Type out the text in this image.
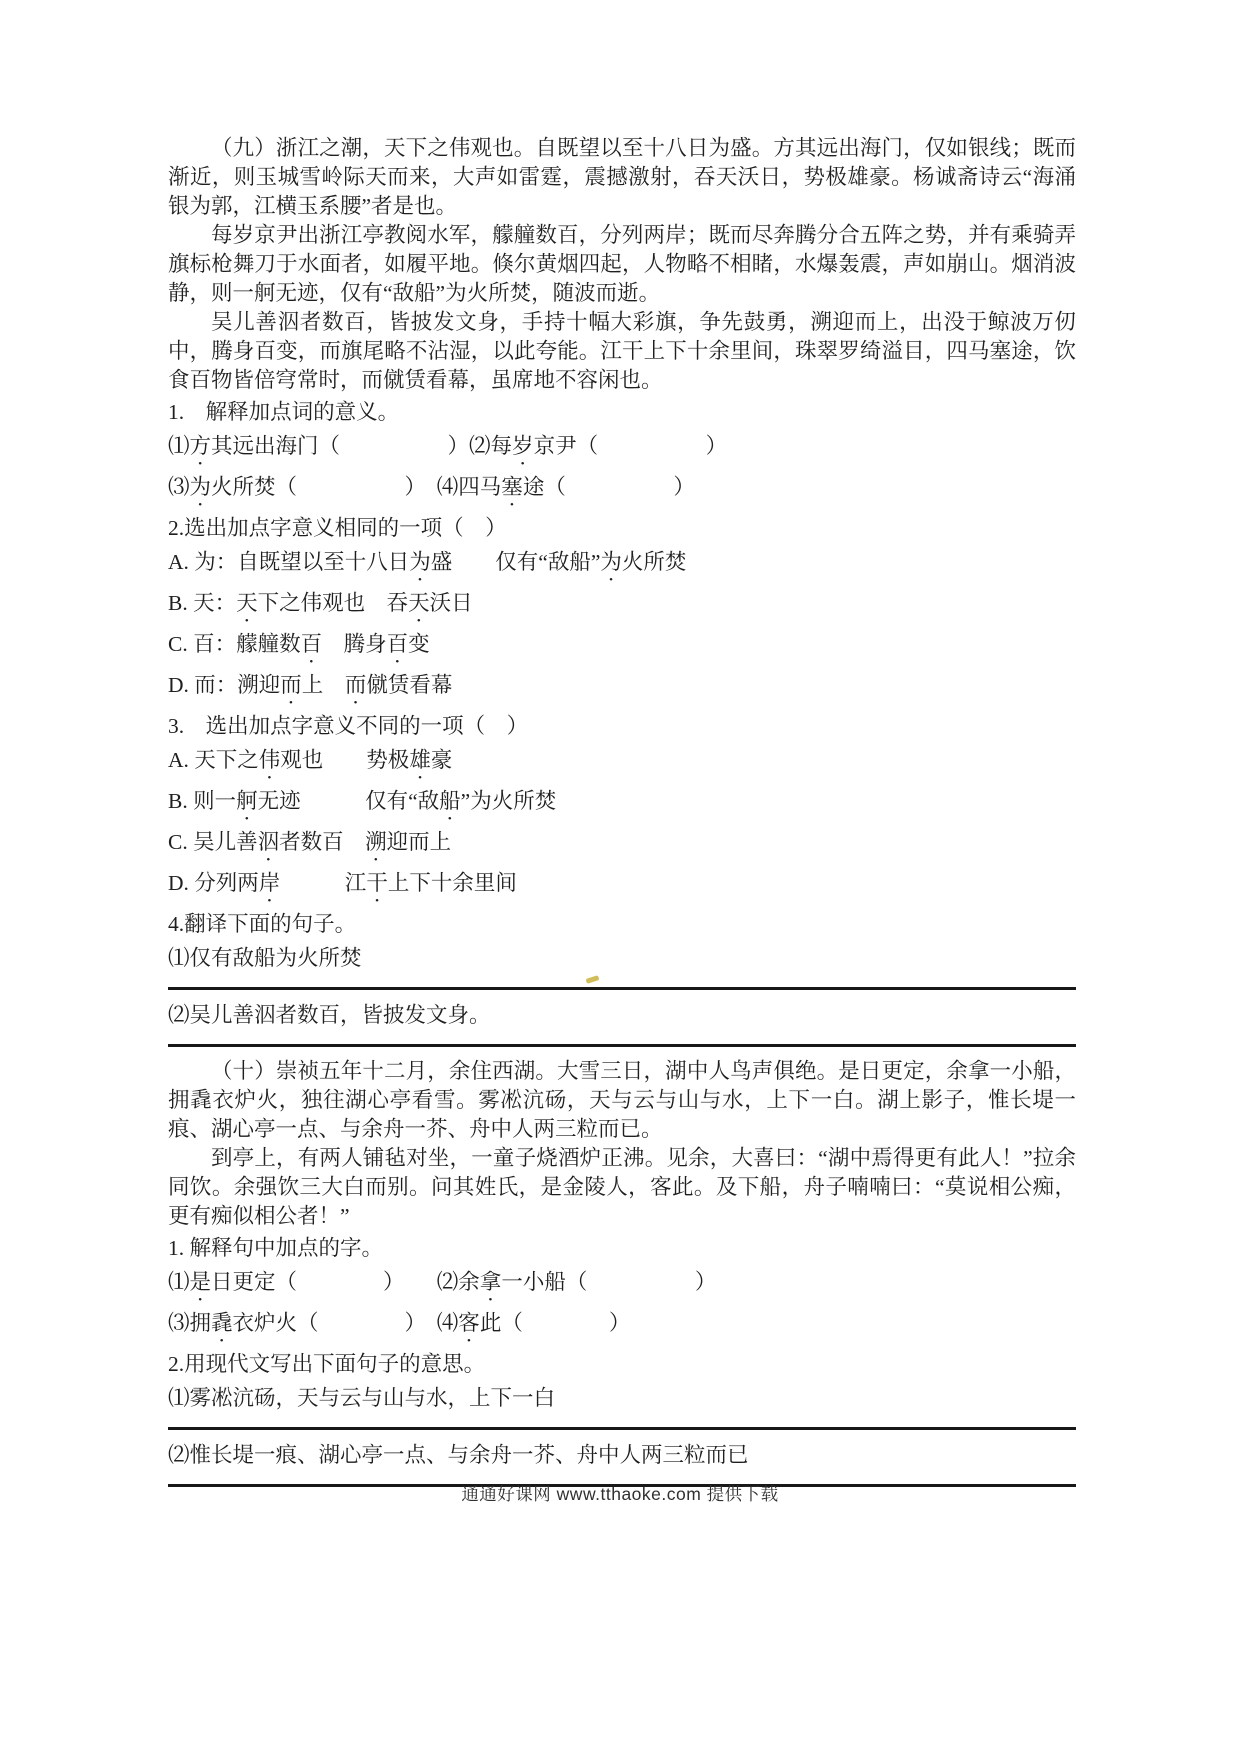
（九）浙江之潮，天下之伟观也。自既望以至十八日为盛。方其远出海门，仅如银线；既而渐近，则玉城雪岭际天而来，大声如雷霆，震撼激射，吞天沃日，势极雄豪。杨诚斋诗云“海涌银为郭，江横玉系腰”者是也。
每岁京尹出浙江亭教阅水军，艨艟数百，分列两岸；既而尽奔腾分合五阵之势，并有乘骑弄旗标枪舞刀于水面者，如履平地。倏尔黄烟四起，人物略不相睹，水爆轰震，声如崩山。烟消波静，则一舸无迹，仅有“敌船”为火所焚，随波而逝。
吴儿善泅者数百，皆披发文身，手持十幅大彩旗，争先鼓勇，溯迎而上，出没于鲸波万仞中，腾身百变，而旗尾略不沾湿，以此夸能。江干上下十余里间，珠翠罗绮溢目，四马塞途，饮食百物皆倍穹常时，而僦赁看幕，虽席地不容闲也。
1.　解释加点词的意义。
⑴方其远出海门（　　　　　）⑵每岁京尹（　　　　　）
⑶为火所焚（　　　　　）　⑷四马塞途（　　　　　）
2.选出加点字意义相同的一项（　）
A. 为：自既望以至十八日为盛　　仅有“敌船”为火所焚
B. 天：天下之伟观也　吞天沃日
C. 百：艨艟数百　腾身百变
D. 而：溯迎而上　而僦赁看幕
3.　选出加点字意义不同的一项（　）
A. 天下之伟观也　　势极雄豪
B. 则一舸无迹　　　仅有“敌船”为火所焚
C. 吴儿善泅者数百　溯迎而上
D. 分列两岸　　　江干上下十余里间
4.翻译下面的句子。
⑴仅有敌船为火所焚
⑵吴儿善泅者数百，皆披发文身。
（十）崇祯五年十二月，余住西湖。大雪三日，湖中人鸟声俱绝。是日更定，余拿一小船，拥毳衣炉火，独往湖心亭看雪。雾凇沆砀，天与云与山与水，上下一白。湖上影子，惟长堤一痕、湖心亭一点、与余舟一芥、舟中人两三粒而已。
到亭上，有两人铺毡对坐，一童子烧酒炉正沸。见余，大喜曰：“湖中焉得更有此人！”拉余同饮。余强饮三大白而别。问其姓氏，是金陵人，客此。及下船，舟子喃喃曰：“莫说相公痴，更有痴似相公者！”
1. 解释句中加点的字。
⑴是日更定（　　　　）　　⑵余拿一小船（　　　　　）
⑶拥毳衣炉火（　　　　）　⑷客此（　　　　）
2.用现代文写出下面句子的意思。
⑴雾凇沆砀，天与云与山与水，上下一白
⑵惟长堤一痕、湖心亭一点、与余舟一芥、舟中人两三粒而已
通通好课网 www.tthaoke.com 提供下载
